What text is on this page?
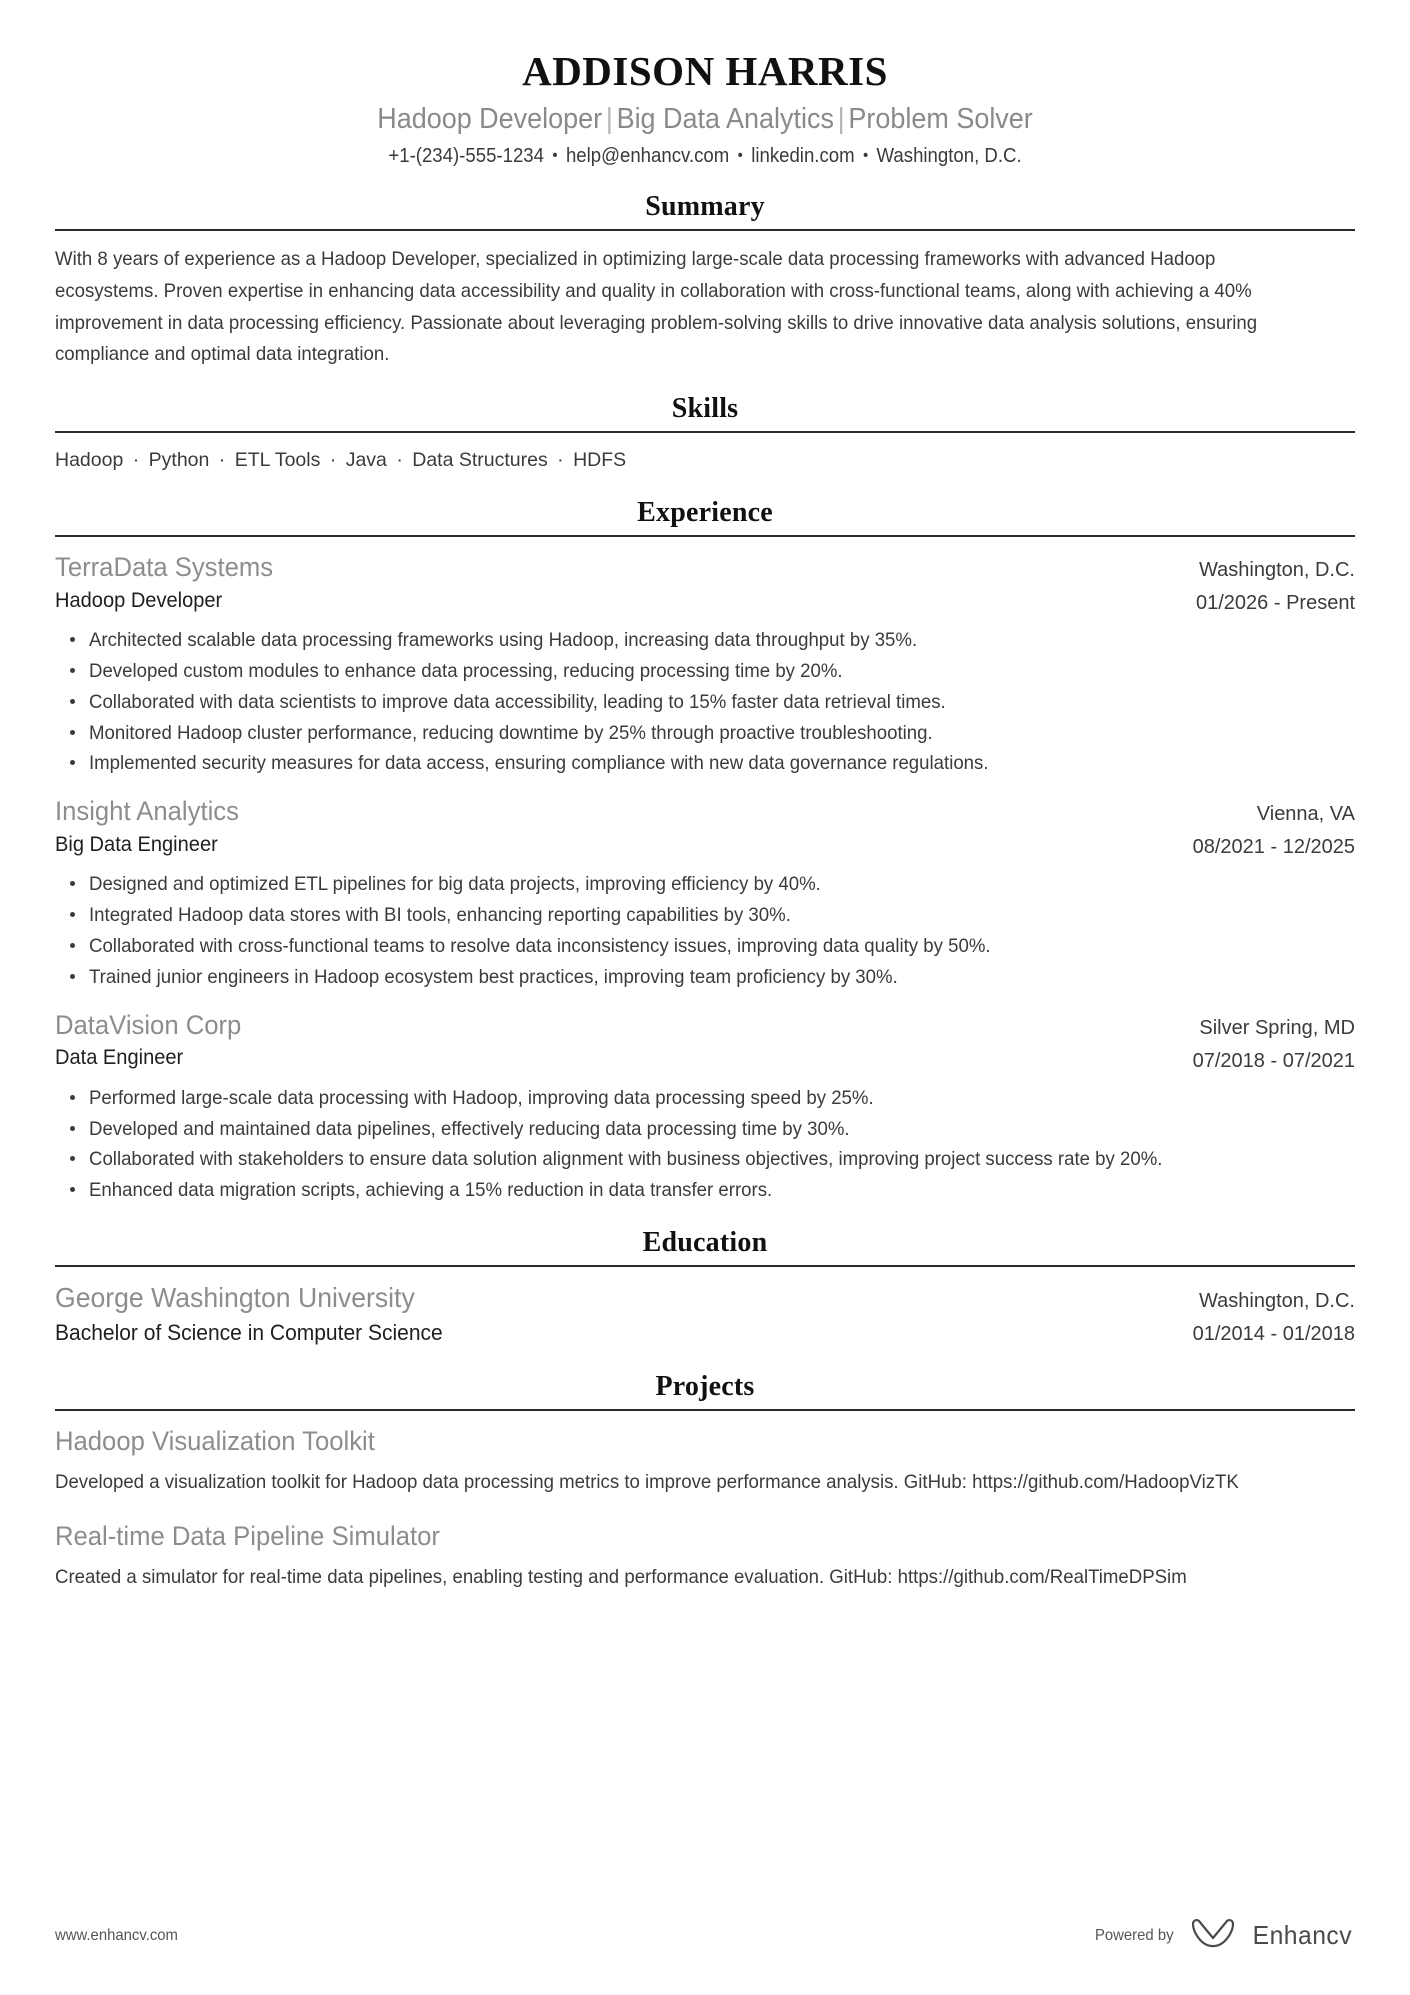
ADDISON HARRIS
Hadoop Developer | Big Data Analytics | Problem Solver
+1-(234)-555-1234 • help@enhancv.com • linkedin.com • Washington, D.C.
Summary
With 8 years of experience as a Hadoop Developer, specialized in optimizing large-scale data processing frameworks with advanced Hadoop ecosystems. Proven expertise in enhancing data accessibility and quality in collaboration with cross-functional teams, along with achieving a 40% improvement in data processing efficiency. Passionate about leveraging problem-solving skills to drive innovative data analysis solutions, ensuring compliance and optimal data integration.
Skills
Hadoop · Python · ETL Tools · Java · Data Structures · HDFS
Experience
TerraData Systems
Hadoop Developer
Washington, D.C.
01/2026 - Present
Architected scalable data processing frameworks using Hadoop, increasing data throughput by 35%.
Developed custom modules to enhance data processing, reducing processing time by 20%.
Collaborated with data scientists to improve data accessibility, leading to 15% faster data retrieval times.
Monitored Hadoop cluster performance, reducing downtime by 25% through proactive troubleshooting.
Implemented security measures for data access, ensuring compliance with new data governance regulations.
Insight Analytics
Big Data Engineer
Vienna, VA
08/2021 - 12/2025
Designed and optimized ETL pipelines for big data projects, improving efficiency by 40%.
Integrated Hadoop data stores with BI tools, enhancing reporting capabilities by 30%.
Collaborated with cross-functional teams to resolve data inconsistency issues, improving data quality by 50%.
Trained junior engineers in Hadoop ecosystem best practices, improving team proficiency by 30%.
DataVision Corp
Data Engineer
Silver Spring, MD
07/2018 - 07/2021
Performed large-scale data processing with Hadoop, improving data processing speed by 25%.
Developed and maintained data pipelines, effectively reducing data processing time by 30%.
Collaborated with stakeholders to ensure data solution alignment with business objectives, improving project success rate by 20%.
Enhanced data migration scripts, achieving a 15% reduction in data transfer errors.
Education
George Washington University
Bachelor of Science in Computer Science
Washington, D.C.
01/2014 - 01/2018
Projects
Hadoop Visualization Toolkit
Developed a visualization toolkit for Hadoop data processing metrics to improve performance analysis. GitHub: https://github.com/HadoopVizTK
Real-time Data Pipeline Simulator
Created a simulator for real-time data pipelines, enabling testing and performance evaluation. GitHub: https://github.com/RealTimeDPSim
www.enhancv.com	Powered by	Enhancv
